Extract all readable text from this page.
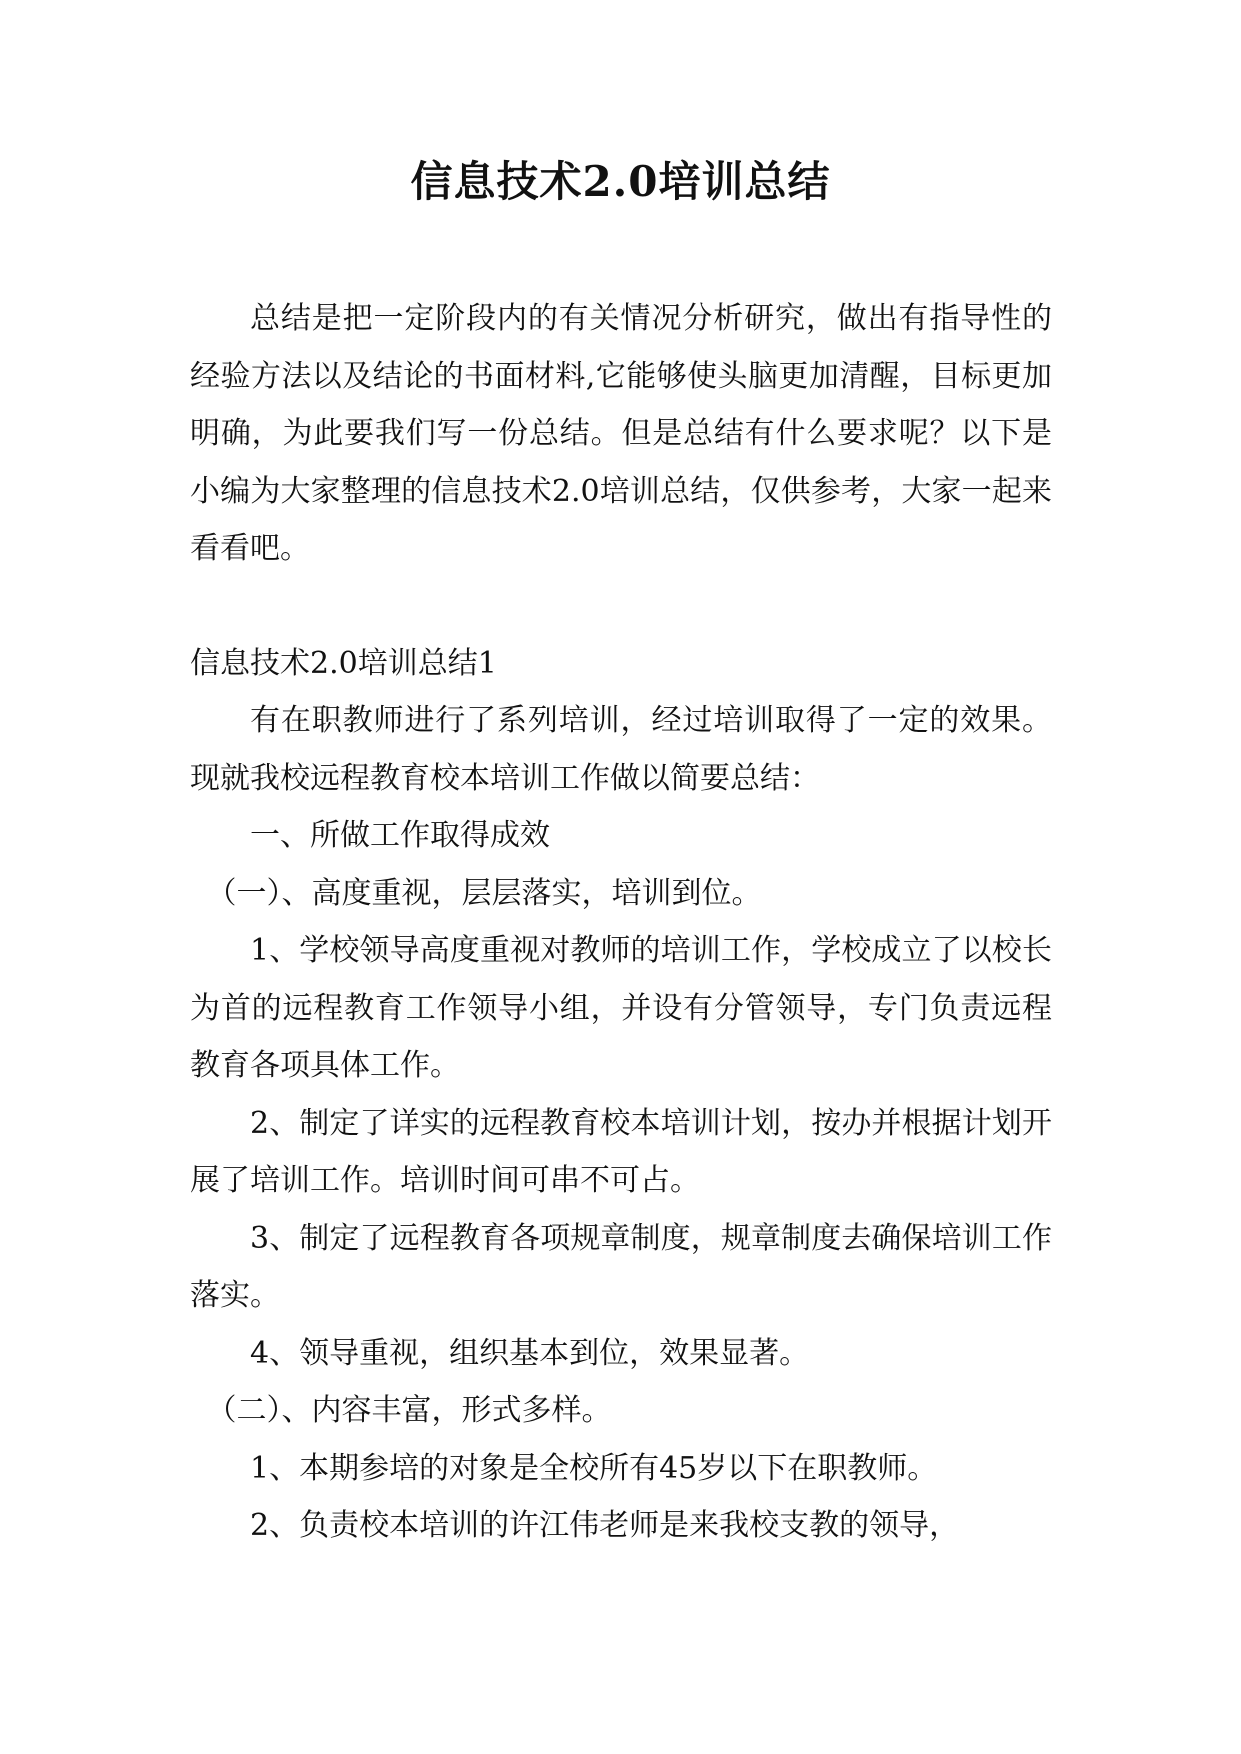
信息技术2.0培训总结

总结是把一定阶段内的有关情况分析研究，做出有指导性的经验方法以及结论的书面材料,它能够使头脑更加清醒，目标更加明确，为此要我们写一份总结。但是总结有什么要求呢？以下是小编为大家整理的信息技术2.0培训总结，仅供参考，大家一起来看看吧。

信息技术2.0培训总结1

有在职教师进行了系列培训，经过培训取得了一定的效果。现就我校远程教育校本培训工作做以简要总结：

一、所做工作取得成效

（一）、高度重视，层层落实，培训到位。

1、学校领导高度重视对教师的培训工作，学校成立了以校长为首的远程教育工作领导小组，并设有分管领导，专门负责远程教育各项具体工作。

2、制定了详实的远程教育校本培训计划，按办并根据计划开展了培训工作。培训时间可串不可占。

3、制定了远程教育各项规章制度，规章制度去确保培训工作落实。

4、领导重视，组织基本到位，效果显著。

（二）、内容丰富，形式多样。

1、本期参培的对象是全校所有45岁以下在职教师。

2、负责校本培训的许江伟老师是来我校支教的领导，
